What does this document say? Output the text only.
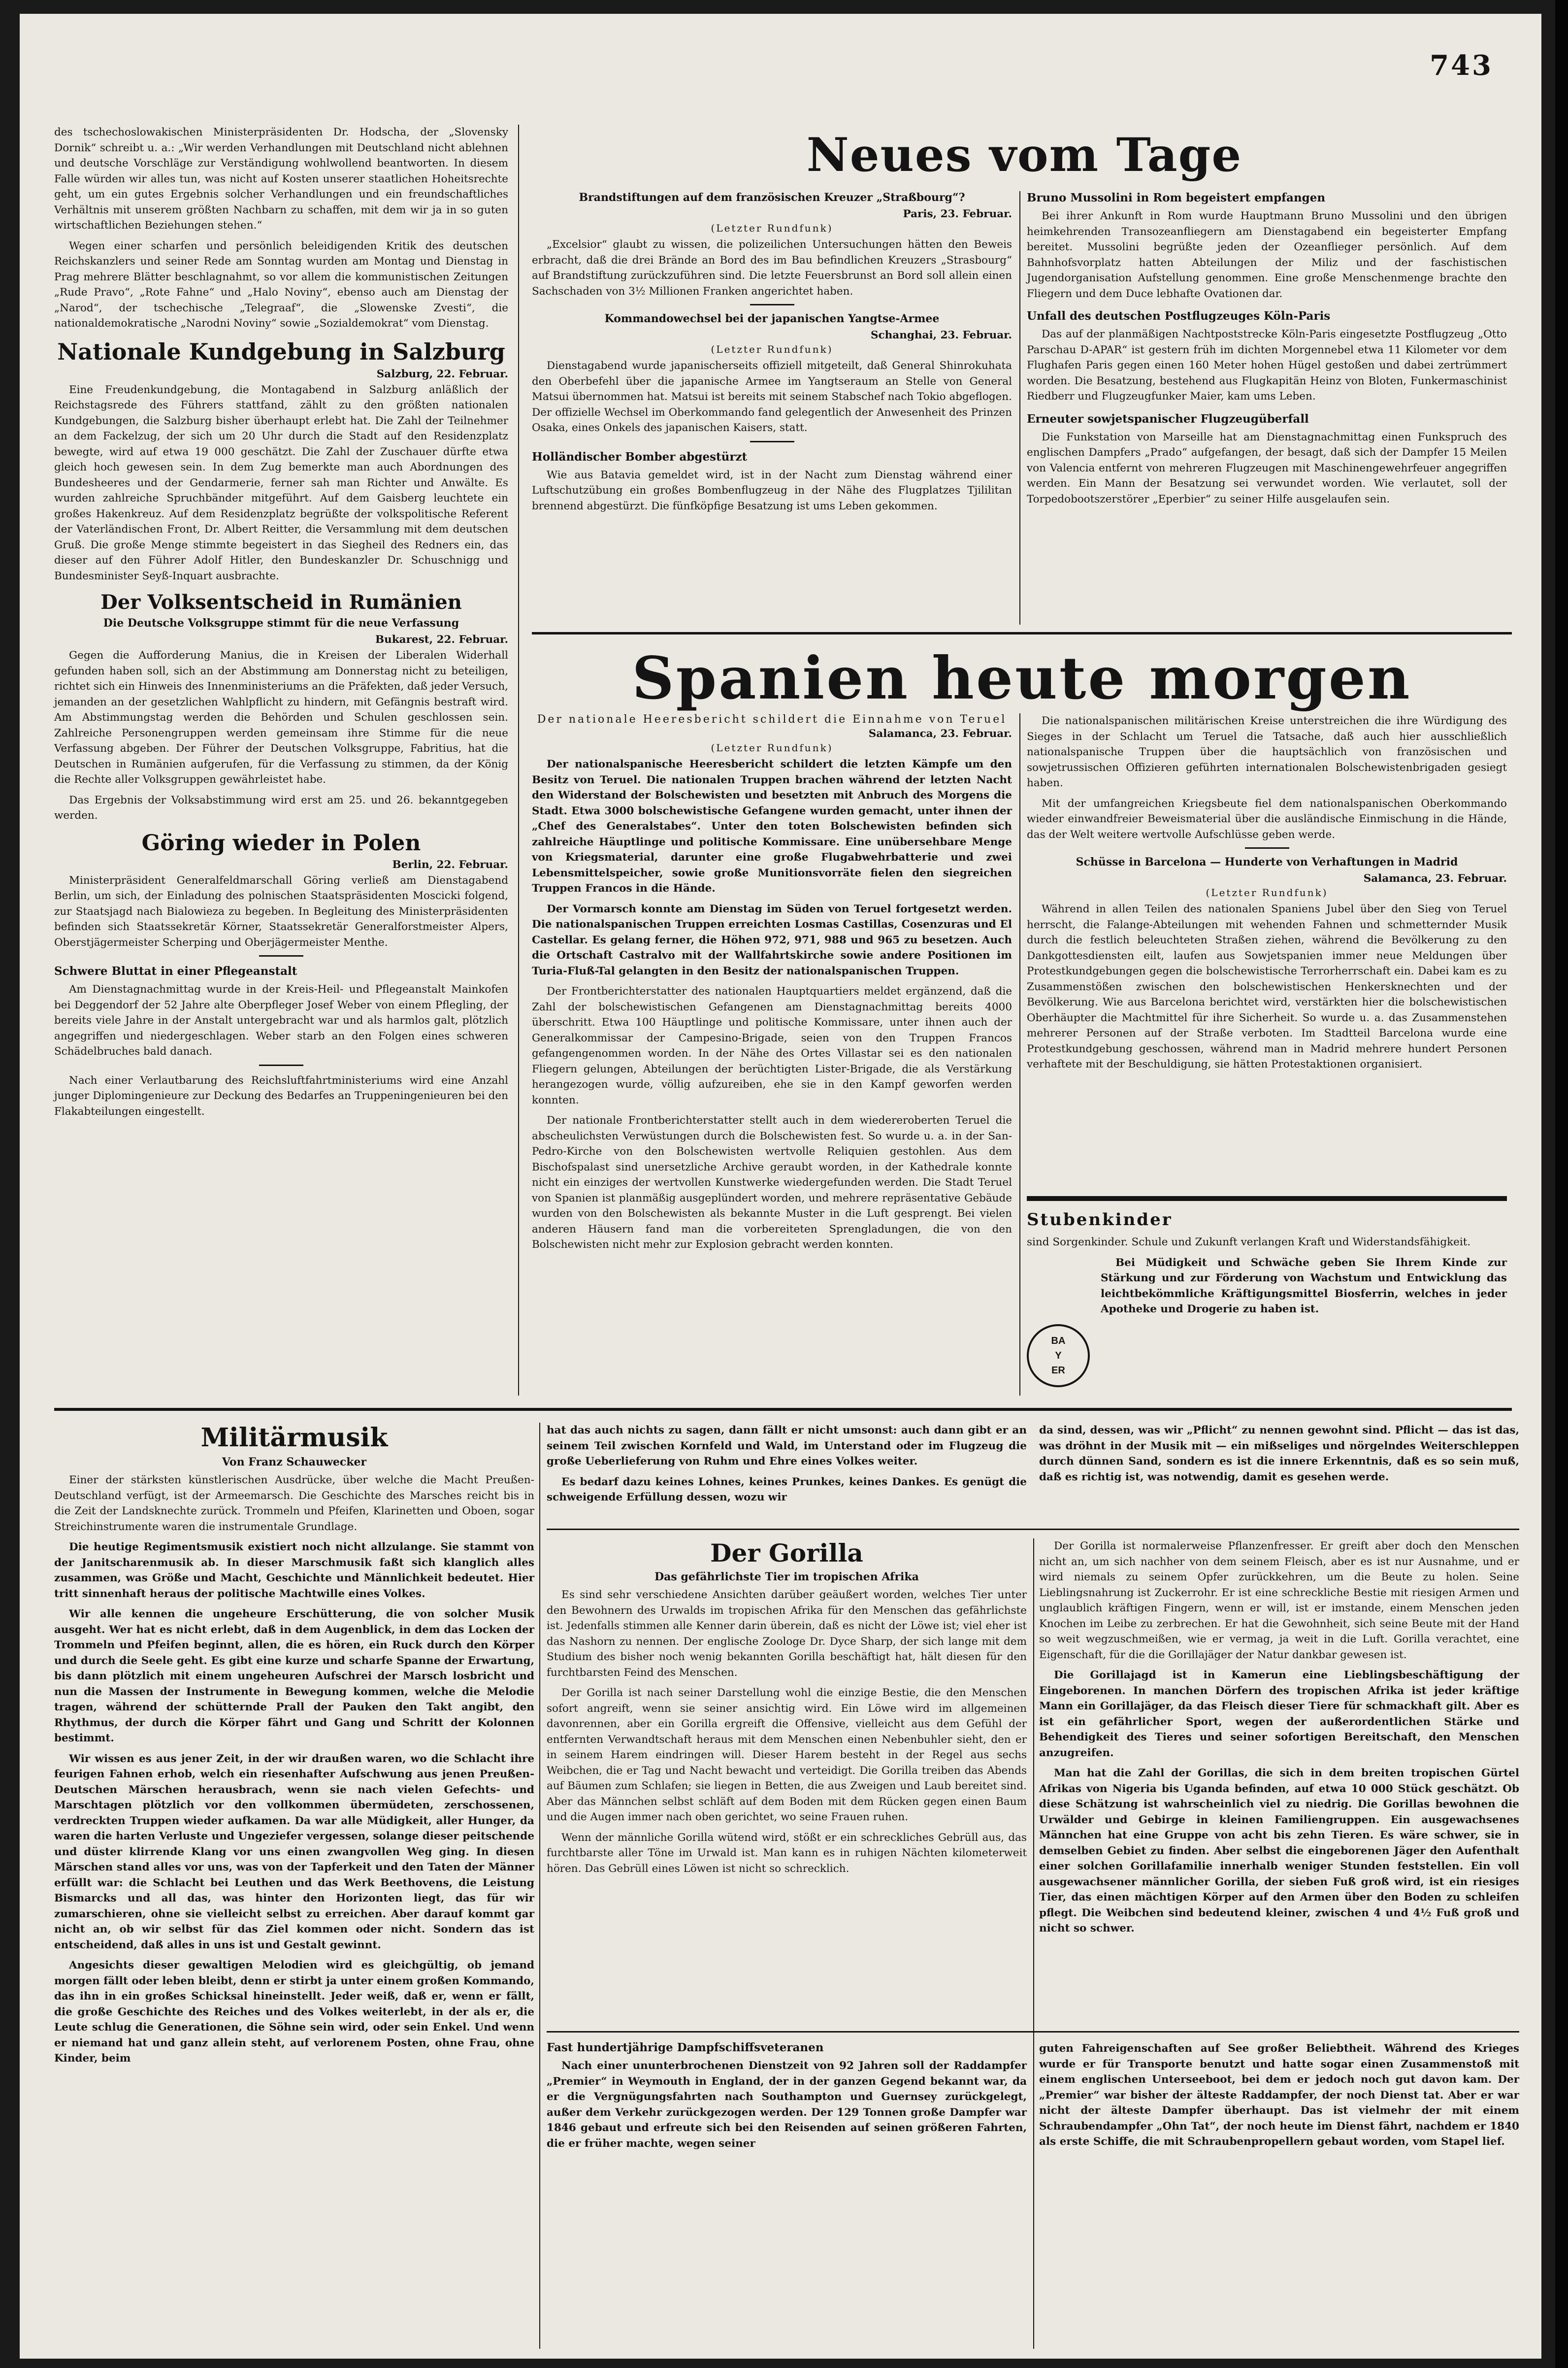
743

des tschechoslowakischen Ministerpräsidenten Dr. Hodscha, der „Slovensky Dornik“ schreibt u. a.: „Wir werden Verhandlungen mit Deutschland nicht ablehnen und deutsche Vorschläge zur Verständigung wohlwollend beantworten. In diesem Falle würden wir alles tun, was nicht auf Kosten unserer staatlichen Hoheitsrechte geht, um ein gutes Ergebnis solcher Verhandlungen und ein freundschaftliches Verhältnis mit unserem größten Nachbarn zu schaffen, mit dem wir ja in so guten wirtschaftlichen Beziehungen stehen.“

Wegen einer scharfen und persönlich beleidigenden Kritik des deutschen Reichskanzlers und seiner Rede am Sonntag wurden am Montag und Dienstag in Prag mehrere Blätter beschlagnahmt, so vor allem die kommunistischen Zeitungen „Rude Pravo“, „Rote Fahne“ und „Halo Noviny“, ebenso auch am Dienstag der „Narod“, der tschechische „Telegraaf“, die „Slowenske Zvesti“, die nationaldemokratische „Narodni Noviny“ sowie „Sozialdemokrat“ vom Dienstag.

Nationale Kundgebung in Salzburg
Salzburg, 22. Februar.

Eine Freudenkundgebung, die Montagabend in Salzburg anläßlich der Reichstagsrede des Führers stattfand, zählt zu den größten nationalen Kundgebungen, die Salzburg bisher überhaupt erlebt hat. Die Zahl der Teilnehmer an dem Fackelzug, der sich um 20 Uhr durch die Stadt auf den Residenzplatz bewegte, wird auf etwa 19 000 geschätzt. Die Zahl der Zuschauer dürfte etwa gleich hoch gewesen sein. In dem Zug bemerkte man auch Abordnungen des Bundesheeres und der Gendarmerie, ferner sah man Richter und Anwälte. Es wurden zahlreiche Spruchbänder mitgeführt. Auf dem Gaisberg leuchtete ein großes Hakenkreuz. Auf dem Residenzplatz begrüßte der volkspolitische Referent der Vaterländischen Front, Dr. Albert Reitter, die Versammlung mit dem deutschen Gruß. Die große Menge stimmte begeistert in das Siegheil des Redners ein, das dieser auf den Führer Adolf Hitler, den Bundeskanzler Dr. Schuschnigg und Bundesminister Seyß-Inquart ausbrachte.

Der Volksentscheid in Rumänien
Die Deutsche Volksgruppe stimmt für die neue Verfassung
Bukarest, 22. Februar.

Gegen die Aufforderung Manius, die in Kreisen der Liberalen Widerhall gefunden haben soll, sich an der Abstimmung am Donnerstag nicht zu beteiligen, richtet sich ein Hinweis des Innenministeriums an die Präfekten, daß jeder Versuch, jemanden an der gesetzlichen Wahlpflicht zu hindern, mit Gefängnis bestraft wird. Am Abstimmungstag werden die Behörden und Schulen geschlossen sein. Zahlreiche Personengruppen werden gemeinsam ihre Stimme für die neue Verfassung abgeben. Der Führer der Deutschen Volksgruppe, Fabritius, hat die Deutschen in Rumänien aufgerufen, für die Verfassung zu stimmen, da der König die Rechte aller Volksgruppen gewährleistet habe.

Das Ergebnis der Volksabstimmung wird erst am 25. und 26. bekanntgegeben werden.

Göring wieder in Polen
Berlin, 22. Februar.

Ministerpräsident Generalfeldmarschall Göring verließ am Dienstagabend Berlin, um sich, der Einladung des polnischen Staatspräsidenten Moscicki folgend, zur Staatsjagd nach Bialowieza zu begeben. In Begleitung des Ministerpräsidenten befinden sich Staatssekretär Körner, Staatssekretär Generalforstmeister Alpers, Oberstjägermeister Scherping und Oberjägermeister Menthe.

Schwere Bluttat in einer Pflegeanstalt

Am Dienstagnachmittag wurde in der Kreis-Heil- und Pflegeanstalt Mainkofen bei Deggendorf der 52 Jahre alte Oberpfleger Josef Weber von einem Pflegling, der bereits viele Jahre in der Anstalt untergebracht war und als harmlos galt, plötzlich angegriffen und niedergeschlagen. Weber starb an den Folgen eines schweren Schädelbruches bald danach.

Nach einer Verlautbarung des Reichsluftfahrtministeriums wird eine Anzahl junger Diplomingenieure zur Deckung des Bedarfes an Truppeningenieuren bei den Flakabteilungen eingestellt.

Neues vom Tage
Brandstiftungen auf dem französischen Kreuzer „Straßbourg“?
Paris, 23. Februar.
(Letzter Rundfunk)

„Excelsior“ glaubt zu wissen, die polizeilichen Untersuchungen hätten den Beweis erbracht, daß die drei Brände an Bord des im Bau befindlichen Kreuzers „Strasbourg“ auf Brandstiftung zurückzuführen sind. Die letzte Feuersbrunst an Bord soll allein einen Sachschaden von 3½ Millionen Franken angerichtet haben.

Kommandowechsel bei der japanischen Yangtse-Armee
Schanghai, 23. Februar.
(Letzter Rundfunk)

Dienstagabend wurde japanischerseits offiziell mitgeteilt, daß General Shinrokuhata den Oberbefehl über die japanische Armee im Yangtseraum an Stelle von General Matsui übernommen hat. Matsui ist bereits mit seinem Stabschef nach Tokio abgeflogen. Der offizielle Wechsel im Oberkommando fand gelegentlich der Anwesenheit des Prinzen Osaka, eines Onkels des japanischen Kaisers, statt.

Holländischer Bomber abgestürzt

Wie aus Batavia gemeldet wird, ist in der Nacht zum Dienstag während einer Luftschutzübung ein großes Bombenflugzeug in der Nähe des Flugplatzes Tjililitan brennend abgestürzt. Die fünfköpfige Besatzung ist ums Leben gekommen.

Bruno Mussolini in Rom begeistert empfangen

Bei ihrer Ankunft in Rom wurde Hauptmann Bruno Mussolini und den übrigen heimkehrenden Transozeanfliegern am Dienstagabend ein begeisterter Empfang bereitet. Mussolini begrüßte jeden der Ozeanflieger persönlich. Auf dem Bahnhofsvorplatz hatten Abteilungen der Miliz und der faschistischen Jugendorganisation Aufstellung genommen. Eine große Menschenmenge brachte den Fliegern und dem Duce lebhafte Ovationen dar.

Unfall des deutschen Postflugzeuges Köln-Paris

Das auf der planmäßigen Nachtpoststrecke Köln-Paris eingesetzte Postflugzeug „Otto Parschau D-APAR“ ist gestern früh im dichten Morgennebel etwa 11 Kilometer vor dem Flughafen Paris gegen einen 160 Meter hohen Hügel gestoßen und dabei zertrümmert worden. Die Besatzung, bestehend aus Flugkapitän Heinz von Bloten, Funkermaschinist Riedberr und Flugzeugfunker Maier, kam ums Leben.

Erneuter sowjetspanischer Flugzeugüberfall

Die Funkstation von Marseille hat am Dienstagnachmittag einen Funkspruch des englischen Dampfers „Prado“ aufgefangen, der besagt, daß sich der Dampfer 15 Meilen von Valencia entfernt von mehreren Flugzeugen mit Maschinengewehrfeuer angegriffen werden. Ein Mann der Besatzung sei verwundet worden. Wie verlautet, soll der Torpedobootszerstörer „Eperbier“ zu seiner Hilfe ausgelaufen sein.

Spanien heute morgen
Der nationale Heeresbericht schildert die Einnahme von Teruel
Salamanca, 23. Februar.
(Letzter Rundfunk)

Der nationalspanische Heeresbericht schildert die letzten Kämpfe um den Besitz von Teruel. Die nationalen Truppen brachen während der letzten Nacht den Widerstand der Bolschewisten und besetzten mit Anbruch des Morgens die Stadt. Etwa 3000 bolschewistische Gefangene wurden gemacht, unter ihnen der „Chef des Generalstabes“. Unter den toten Bolschewisten befinden sich zahlreiche Häuptlinge und politische Kommissare. Eine unübersehbare Menge von Kriegsmaterial, darunter eine große Flugabwehrbatterie und zwei Lebensmittelspeicher, sowie große Munitionsvorräte fielen den siegreichen Truppen Francos in die Hände.

Der Vormarsch konnte am Dienstag im Süden von Teruel fortgesetzt werden. Die nationalspanischen Truppen erreichten Losmas Castillas, Cosenzuras und El Castellar. Es gelang ferner, die Höhen 972, 971, 988 und 965 zu besetzen. Auch die Ortschaft Castralvo mit der Wallfahrtskirche sowie andere Positionen im Turia-Fluß-Tal gelangten in den Besitz der nationalspanischen Truppen.

Der Frontberichterstatter des nationalen Hauptquartiers meldet ergänzend, daß die Zahl der bolschewistischen Gefangenen am Dienstagnachmittag bereits 4000 überschritt. Etwa 100 Häuptlinge und politische Kommissare, unter ihnen auch der Generalkommissar der Campesino-Brigade, seien von den Truppen Francos gefangengenommen worden. In der Nähe des Ortes Villastar sei es den nationalen Fliegern gelungen, Abteilungen der berüchtigten Lister-Brigade, die als Verstärkung herangezogen wurde, völlig aufzureiben, ehe sie in den Kampf geworfen werden konnten.

Der nationale Frontberichterstatter stellt auch in dem wiedereroberten Teruel die abscheulichsten Verwüstungen durch die Bolschewisten fest. So wurde u. a. in der San-Pedro-Kirche von den Bolschewisten wertvolle Reliquien gestohlen. Aus dem Bischofspalast sind unersetzliche Archive geraubt worden, in der Kathedrale konnte nicht ein einziges der wertvollen Kunstwerke wiedergefunden werden. Die Stadt Teruel von Spanien ist planmäßig ausgeplündert worden, und mehrere repräsentative Gebäude wurden von den Bolschewisten als bekannte Muster in die Luft gesprengt. Bei vielen anderen Häusern fand man die vorbereiteten Sprengladungen, die von den Bolschewisten nicht mehr zur Explosion gebracht werden konnten.

Die nationalspanischen militärischen Kreise unterstreichen die ihre Würdigung des Sieges in der Schlacht um Teruel die Tatsache, daß auch hier ausschließlich nationalspanische Truppen über die hauptsächlich von französischen und sowjetrussischen Offizieren geführten internationalen Bolschewistenbrigaden gesiegt haben.

Mit der umfangreichen Kriegsbeute fiel dem nationalspanischen Oberkommando wieder einwandfreier Beweismaterial über die ausländische Einmischung in die Hände, das der Welt weitere wertvolle Aufschlüsse geben werde.

Schüsse in Barcelona — Hunderte von Verhaftungen in Madrid
Salamanca, 23. Februar.
(Letzter Rundfunk)

Während in allen Teilen des nationalen Spaniens Jubel über den Sieg von Teruel herrscht, die Falange-Abteilungen mit wehenden Fahnen und schmetternder Musik durch die festlich beleuchteten Straßen ziehen, während die Bevölkerung zu den Dankgottesdiensten eilt, laufen aus Sowjetspanien immer neue Meldungen über Protestkundgebungen gegen die bolschewistische Terrorherrschaft ein. Dabei kam es zu Zusammenstößen zwischen den bolschewistischen Henkersknechten und der Bevölkerung. Wie aus Barcelona berichtet wird, verstärkten hier die bolschewistischen Oberhäupter die Machtmittel für ihre Sicherheit. So wurde u. a. das Zusammenstehen mehrerer Personen auf der Straße verboten. Im Stadtteil Barcelona wurde eine Protestkundgebung geschossen, während man in Madrid mehrere hundert Personen verhaftete mit der Beschuldigung, sie hätten Protestaktionen organisiert.

Stubenkinder

sind Sorgenkinder. Schule und Zukunft verlangen Kraft und Widerstandsfähigkeit.

Bei Müdigkeit und Schwäche geben Sie Ihrem Kinde zur Stärkung und zur Förderung von Wachstum und Entwicklung das leichtbekömmliche Kräftigungsmittel Biosferrin, welches in jeder Apotheke und Drogerie zu haben ist.

BA
Y
ER
Militärmusik
Von Franz Schauwecker

Einer der stärksten künstlerischen Ausdrücke, über welche die Macht Preußen-Deutschland verfügt, ist der Armeemarsch. Die Geschichte des Marsches reicht bis in die Zeit der Landsknechte zurück. Trommeln und Pfeifen, Klarinetten und Oboen, sogar Streichinstrumente waren die instrumentale Grundlage.

Die heutige Regimentsmusik existiert noch nicht allzulange. Sie stammt von der Janitscharenmusik ab. In dieser Marschmusik faßt sich klanglich alles zusammen, was Größe und Macht, Geschichte und Männlichkeit bedeutet. Hier tritt sinnenhaft heraus der politische Machtwille eines Volkes.

Wir alle kennen die ungeheure Erschütterung, die von solcher Musik ausgeht. Wer hat es nicht erlebt, daß in dem Augenblick, in dem das Locken der Trommeln und Pfeifen beginnt, allen, die es hören, ein Ruck durch den Körper und durch die Seele geht. Es gibt eine kurze und scharfe Spanne der Erwartung, bis dann plötzlich mit einem ungeheuren Aufschrei der Marsch losbricht und nun die Massen der Instrumente in Bewegung kommen, welche die Melodie tragen, während der schütternde Prall der Pauken den Takt angibt, den Rhythmus, der durch die Körper fährt und Gang und Schritt der Kolonnen bestimmt.

Wir wissen es aus jener Zeit, in der wir draußen waren, wo die Schlacht ihre feurigen Fahnen erhob, welch ein riesenhafter Aufschwung aus jenen Preußen-Deutschen Märschen herausbrach, wenn sie nach vielen Gefechts- und Marschtagen plötzlich vor den vollkommen übermüdeten, zerschossenen, verdreckten Truppen wieder aufkamen. Da war alle Müdigkeit, aller Hunger, da waren die harten Verluste und Ungeziefer vergessen, solange dieser peitschende und düster klirrende Klang vor uns einen zwangvollen Weg ging. In diesen Märschen stand alles vor uns, was von der Tapferkeit und den Taten der Männer erfüllt war: die Schlacht bei Leuthen und das Werk Beethovens, die Leistung Bismarcks und all das, was hinter den Horizonten liegt, das für wir zumarschieren, ohne sie vielleicht selbst zu erreichen. Aber darauf kommt gar nicht an, ob wir selbst für das Ziel kommen oder nicht. Sondern das ist entscheidend, daß alles in uns ist und Gestalt gewinnt.

Angesichts dieser gewaltigen Melodien wird es gleichgültig, ob jemand morgen fällt oder leben bleibt, denn er stirbt ja unter einem großen Kommando, das ihn in ein großes Schicksal hineinstellt. Jeder weiß, daß er, wenn er fällt, die große Geschichte des Reiches und des Volkes weiterlebt, in der als er, die Leute schlug die Generationen, die Söhne sein wird, oder sein Enkel. Und wenn er niemand hat und ganz allein steht, auf verlorenem Posten, ohne Frau, ohne Kinder, beim

hat das auch nichts zu sagen, dann fällt er nicht umsonst: auch dann gibt er an seinem Teil zwischen Kornfeld und Wald, im Unterstand oder im Flugzeug die große Ueberlieferung von Ruhm und Ehre eines Volkes weiter.

Es bedarf dazu keines Lohnes, keines Prunkes, keines Dankes. Es genügt die schweigende Erfüllung dessen, wozu wir

da sind, dessen, was wir „Pflicht“ zu nennen gewohnt sind. Pflicht — das ist das, was dröhnt in der Musik mit — ein mißseliges und nörgelndes Weiterschleppen durch dünnen Sand, sondern es ist die innere Erkenntnis, daß es so sein muß, daß es richtig ist, was notwendig, damit es gesehen werde.

Der Gorilla
Das gefährlichste Tier im tropischen Afrika

Es sind sehr verschiedene Ansichten darüber geäußert worden, welches Tier unter den Bewohnern des Urwalds im tropischen Afrika für den Menschen das gefährlichste ist. Jedenfalls stimmen alle Kenner darin überein, daß es nicht der Löwe ist; viel eher ist das Nashorn zu nennen. Der englische Zoologe Dr. Dyce Sharp, der sich lange mit dem Studium des bisher noch wenig bekannten Gorilla beschäftigt hat, hält diesen für den furchtbarsten Feind des Menschen.

Der Gorilla ist nach seiner Darstellung wohl die einzige Bestie, die den Menschen sofort angreift, wenn sie seiner ansichtig wird. Ein Löwe wird im allgemeinen davonrennen, aber ein Gorilla ergreift die Offensive, vielleicht aus dem Gefühl der entfernten Verwandtschaft heraus mit dem Menschen einen Nebenbuhler sieht, den er in seinem Harem eindringen will. Dieser Harem besteht in der Regel aus sechs Weibchen, die er Tag und Nacht bewacht und verteidigt. Die Gorilla treiben das Abends auf Bäumen zum Schlafen; sie liegen in Betten, die aus Zweigen und Laub bereitet sind. Aber das Männchen selbst schläft auf dem Boden mit dem Rücken gegen einen Baum und die Augen immer nach oben gerichtet, wo seine Frauen ruhen.

Wenn der männliche Gorilla wütend wird, stößt er ein schreckliches Gebrüll aus, das furchtbarste aller Töne im Urwald ist. Man kann es in ruhigen Nächten kilometerweit hören. Das Gebrüll eines Löwen ist nicht so schrecklich.

Der Gorilla ist normalerweise Pflanzenfresser. Er greift aber doch den Menschen nicht an, um sich nachher von dem seinem Fleisch, aber es ist nur Ausnahme, und er wird niemals zu seinem Opfer zurückkehren, um die Beute zu holen. Seine Lieblingsnahrung ist Zuckerrohr. Er ist eine schreckliche Bestie mit riesigen Armen und unglaublich kräftigen Fingern, wenn er will, ist er imstande, einem Menschen jeden Knochen im Leibe zu zerbrechen. Er hat die Gewohnheit, sich seine Beute mit der Hand so weit wegzuschmeißen, wie er vermag, ja weit in die Luft. Gorilla verachtet, eine Eigenschaft, für die die Gorillajäger der Natur dankbar gewesen ist.

Die Gorillajagd ist in Kamerun eine Lieblingsbeschäftigung der Eingeborenen. In manchen Dörfern des tropischen Afrika ist jeder kräftige Mann ein Gorillajäger, da das Fleisch dieser Tiere für schmackhaft gilt. Aber es ist ein gefährlicher Sport, wegen der außerordentlichen Stärke und Behendigkeit des Tieres und seiner sofortigen Bereitschaft, den Menschen anzugreifen.

Man hat die Zahl der Gorillas, die sich in dem breiten tropischen Gürtel Afrikas von Nigeria bis Uganda befinden, auf etwa 10 000 Stück geschätzt. Ob diese Schätzung ist wahrscheinlich viel zu niedrig. Die Gorillas bewohnen die Urwälder und Gebirge in kleinen Familiengruppen. Ein ausgewachsenes Männchen hat eine Gruppe von acht bis zehn Tieren. Es wäre schwer, sie in demselben Gebiet zu finden. Aber selbst die eingeborenen Jäger den Aufenthalt einer solchen Gorillafamilie innerhalb weniger Stunden feststellen. Ein voll ausgewachsener männlicher Gorilla, der sieben Fuß groß wird, ist ein riesiges Tier, das einen mächtigen Körper auf den Armen über den Boden zu schleifen pflegt. Die Weibchen sind bedeutend kleiner, zwischen 4 und 4½ Fuß groß und nicht so schwer.

Fast hundertjährige Dampfschiffsveteranen

Nach einer ununterbrochenen Dienstzeit von 92 Jahren soll der Raddampfer „Premier“ in Weymouth in England, der in der ganzen Gegend bekannt war, da er die Vergnügungsfahrten nach Southampton und Guernsey zurückgelegt, außer dem Verkehr zurückgezogen werden. Der 129 Tonnen große Dampfer war 1846 gebaut und erfreute sich bei den Reisenden auf seinen größeren Fahrten, die er früher machte, wegen seiner

guten Fahreigenschaften auf See großer Beliebtheit. Während des Krieges wurde er für Transporte benutzt und hatte sogar einen Zusammenstoß mit einem englischen Unterseeboot, bei dem er jedoch noch gut davon kam. Der „Premier“ war bisher der älteste Raddampfer, der noch Dienst tat. Aber er war nicht der älteste Dampfer überhaupt. Das ist vielmehr der mit einem Schraubendampfer „Ohn Tat“, der noch heute im Dienst fährt, nachdem er 1840 als erste Schiffe, die mit Schraubenpropellern gebaut worden, vom Stapel lief.
